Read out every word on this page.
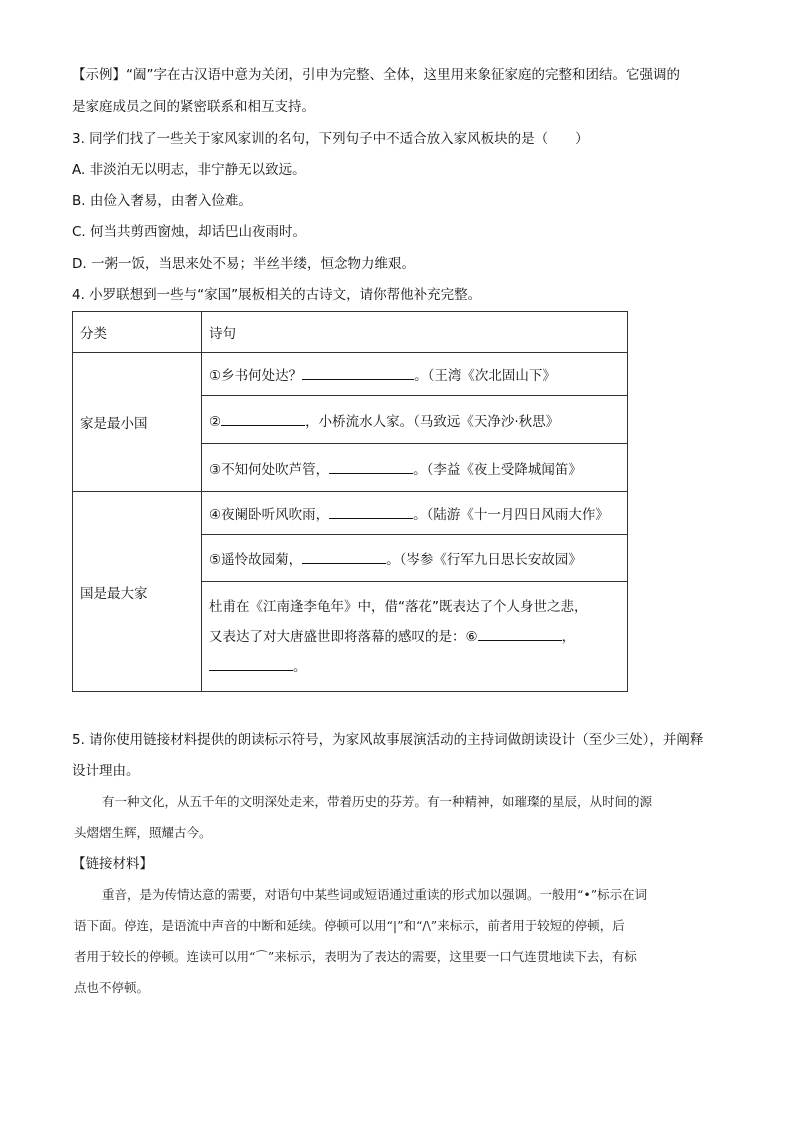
【示例】“阖”字在古汉语中意为关闭，引申为完整、全体，这里用来象征家庭的完整和团结。它强调的
是家庭成员之间的紧密联系和相互支持。
3. 同学们找了一些关于家风家训的名句，下列句子中不适合放入家风板块的是（　　）
A. 非淡泊无以明志，非宁静无以致远。
B. 由俭入奢易，由奢入俭难。
C. 何当共剪西窗烛，却话巴山夜雨时。
D. 一粥一饭，当思来处不易；半丝半缕，恒念物力维艰。
4. 小罗联想到一些与“家国”展板相关的古诗文，请你帮他补充完整。
分类	诗句
家是最小国	①乡书何处达？ 。（王湾《次北固山下》
	② ，小桥流水人家。（马致远《天净沙·秋思》
	③不知何处吹芦管， 。（李益《夜上受降城闻笛》
国是最大家	④夜阑卧听风吹雨， 。（陆游《十一月四日风雨大作》
	⑤遥怜故园菊， 。（岑参《行军九日思长安故园》

	杜甫在《江南逢李龟年》中，借“落花”既表达了个人身世之悲，
又表达了对大唐盛世即将落幕的感叹的是：⑥ ，
。
5. 请你使用链接材料提供的朗读标示符号，为家风故事展演活动的主持词做朗读设计（至少三处），并阐释
设计理由。
有一种文化，从五千年的文明深处走来，带着历史的芬芳。有一种精神，如璀璨的星辰，从时间的源
头熠熠生辉，照耀古今。
【链接材料】
重音，是为传情达意的需要，对语句中某些词或短语通过重读的形式加以强调。一般用“•”标示在词
语下面。停连，是语流中声音的中断和延续。停顿可以用“|”和“/\”来标示，前者用于较短的停顿，后
者用于较长的停顿。连读可以用“⌒”来标示，表明为了表达的需要，这里要一口气连贯地读下去，有标
点也不停顿。
